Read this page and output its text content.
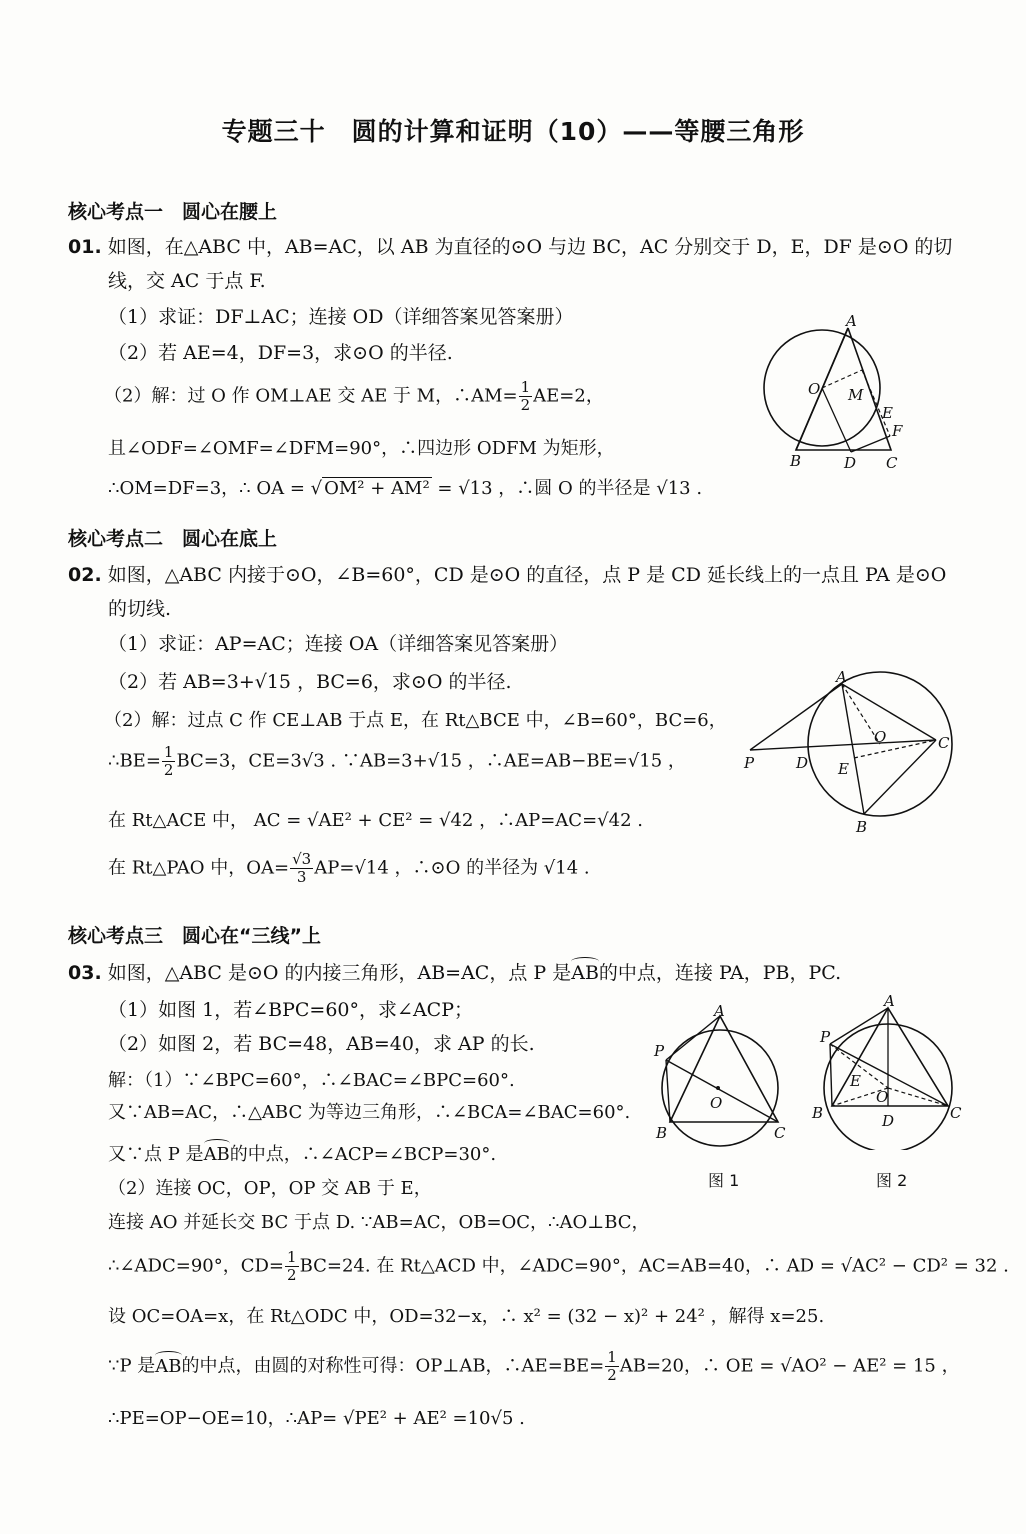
专题三十　圆的计算和证明（10）——等腰三角形
核心考点一　圆心在腰上
01. 如图，在△ABC 中，AB=AC，以 AB 为直径的⊙O 与边 BC，AC 分别交于 D，E，DF 是⊙O 的切
线，交 AC 于点 F.
（1）求证：DF⊥AC；连接 OD（详细答案见答案册）
（2）若 AE=4，DF=3，求⊙O 的半径.
（2）解：过 O 作 OM⊥AE 交 AE 于 M，∴AM= $\frac{1}{2} AE=2$，
且∠ODF=∠OMF=∠DFM=90°，∴四边形 ODFM 为矩形，
∴OM=DF=3，∴ OA = √ OM² + AM² = √13 ，∴圆 O 的半径是 √13 .
A
O M
E
F
B	D C
核心考点二　圆心在底上
02. 如图，△ABC 内接于⊙O，∠B=60°，CD 是⊙O 的直径，点 P 是 CD 延长线上的一点且 PA 是⊙O
的切线.
（1）求证：AP=AC；连接 OA（详细答案见答案册）
（2）若 AB=3+√15 ，BC=6，求⊙O 的半径.
（2）解：过点 C 作 CE⊥AB 于点 E，在 Rt△BCE 中，∠B=60°，BC=6，
∴BE= $\frac{1}{2} BC=3$，CE=3√3 . ∵AB=3+√15 ，∴AE=AB−BE=√15 ，
在 Rt△ACE 中， AC = √AE² + CE² = √42 ，∴AP=AC=√42 .
在 Rt△PAO 中，$OA= \frac{√3}{3} AP=√14$ ，∴⊙O 的半径为 √14 .
A
O	C
P	D E
B
核心考点三　圆心在“三线”上
03. 如图，△ABC 是⊙O 的内接三角形，AB=AC，点 P 是AB的中点，连接 PA，PB，PC.
（1）如图 1，若∠BPC=60°，求∠ACP；
（2）如图 2，若 BC=48，AB=40，求 AP 的长.
解：（1）∵∠BPC=60°，∴∠BAC=∠BPC=60°.
又∵AB=AC，∴△ABC 为等边三角形，∴∠BCA=∠BAC=60°.
又∵点 P 是AB的中点，∴∠ACP=∠BCP=30°.
（2）连接 OC，OP，OP 交 AB 于 E，
连接 AO 并延长交 BC 于点 D. ∵AB=AC，OB=OC，∴AO⊥BC，
∴∠ADC=90°，$CD= \frac{1}{2} BC=24$. 在 Rt△ACD 中，∠ADC=90°，AC=AB=40，∴ AD = √AC² − CD² = 32 .
设 OC=OA=x，在 Rt△ODC 中，OD=32−x，∴ x² = (32 − x)² + 24² ，解得 x=25.
∵P 是AB的中点，由圆的对称性可得：OP⊥AB，∴AE=BE= $\frac{1}{2} AB=20$，∴ OE = √AO² − AE² = 15 ，
∴PE=OP−OE=10，∴AP= √PE² + AE² =10√5 .
A
P
O
B	C
图 1
A
P
E
O
B	D	C
图 2
